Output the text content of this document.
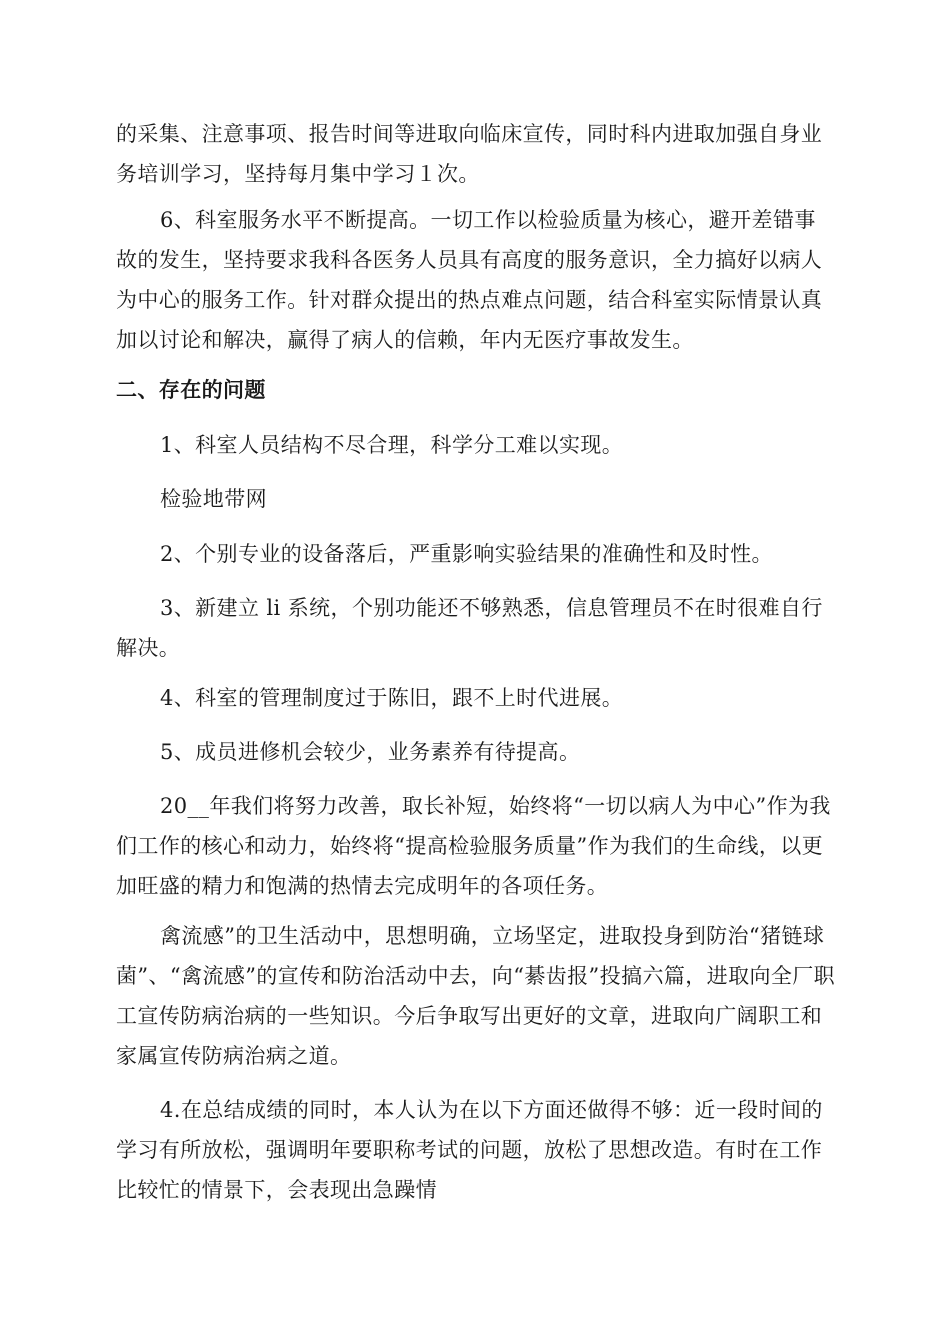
的采集、注意事项、报告时间等进取向临床宣传，同时科内进取加强自身业务培训学习，坚持每月集中学习１次。

6、科室服务水平不断提高。一切工作以检验质量为核心，避开差错事故的发生，坚持要求我科各医务人员具有高度的服务意识，全力搞好以病人为中心的服务工作。针对群众提出的热点难点问题，结合科室实际情景认真加以讨论和解决，赢得了病人的信赖，年内无医疗事故发生。

二、存在的问题

1、科室人员结构不尽合理，科学分工难以实现。

检验地带网

2、个别专业的设备落后，严重影响实验结果的准确性和及时性。

3、新建立 li 系统，个别功能还不够熟悉，信息管理员不在时很难自行解决。

4、科室的管理制度过于陈旧，跟不上时代进展。

5、成员进修机会较少，业务素养有待提高。

20__年我们将努力改善，取长补短，始终将“一切以病人为中心”作为我们工作的核心和动力，始终将“提高检验服务质量”作为我们的生命线，以更加旺盛的精力和饱满的热情去完成明年的各项任务。

禽流感”的卫生活动中，思想明确，立场坚定，进取投身到防治“猪链球菌”、“禽流感”的宣传和防治活动中去，向“綦齿报”投搞六篇，进取向全厂职工宣传防病治病的一些知识。今后争取写出更好的文章，进取向广阔职工和家属宣传防病治病之道。

4.在总结成绩的同时，本人认为在以下方面还做得不够：近一段时间的学习有所放松，强调明年要职称考试的问题，放松了思想改造。有时在工作比较忙的情景下，会表现出急躁情
